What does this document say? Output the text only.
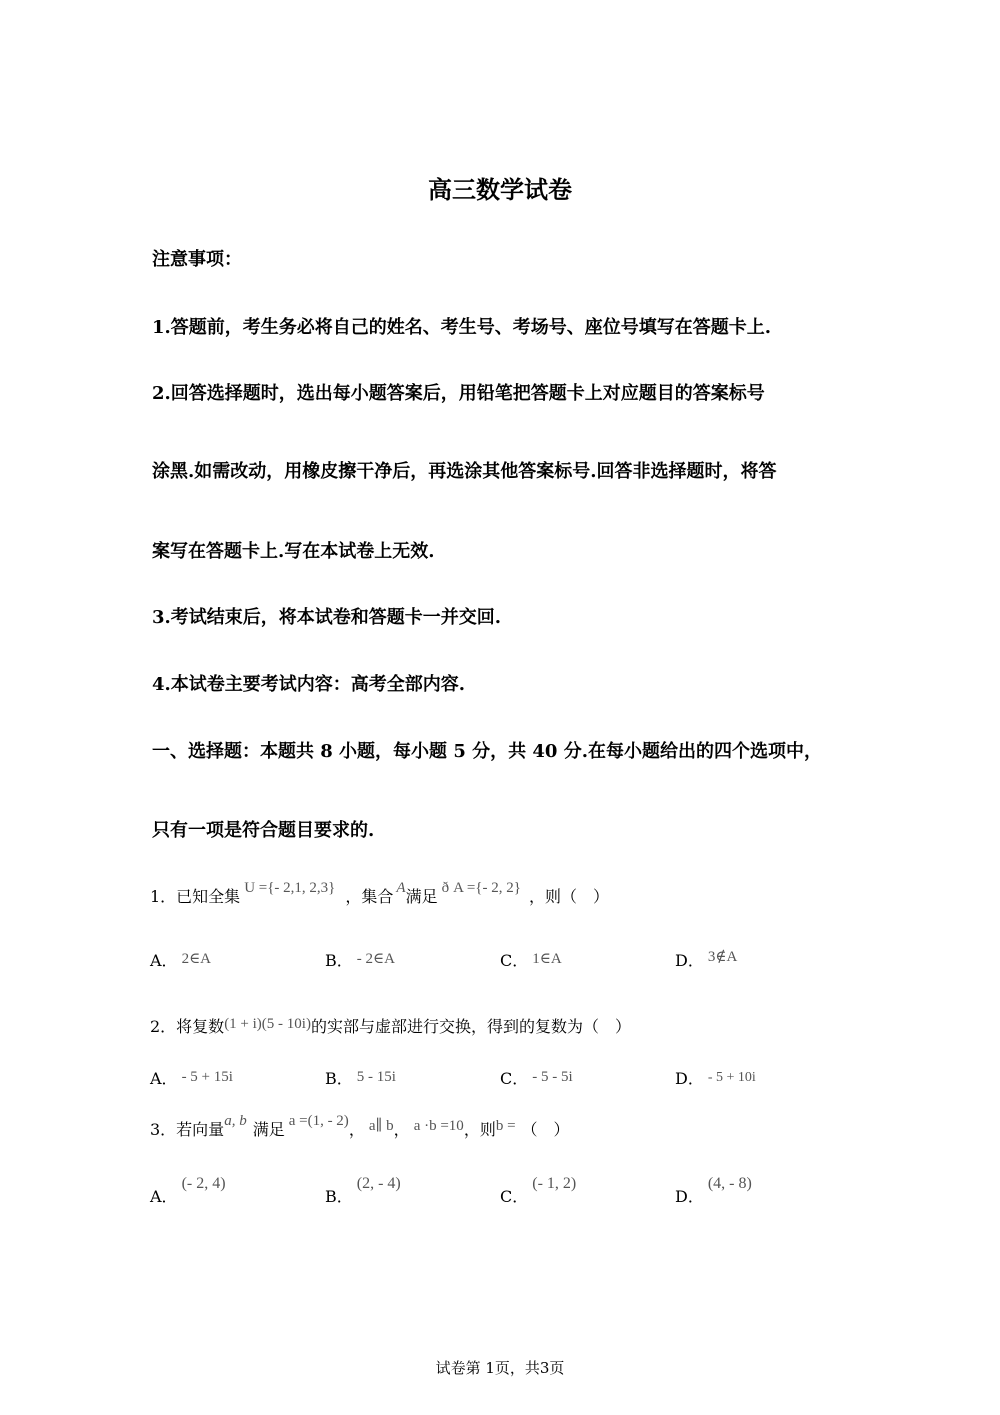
高三数学试卷
注意事项：
1.答题前，考生务必将自己的姓名、考生号、考场号、座位号填写在答题卡上.
2.回答选择题时，选出每小题答案后，用铅笔把答题卡上对应题目的答案标号
涂黑.如需改动，用橡皮擦干净后，再选涂其他答案标号.回答非选择题时，将答
案写在答题卡上.写在本试卷上无效.
3.考试结束后，将本试卷和答题卡一并交回.
4.本试卷主要考试内容：高考全部内容.
一、选择题：本题共 8 小题，每小题 5 分，共 40 分.在每小题给出的四个选项中，
只有一项是符合题目要求的.
1．已知全集 U ={- 2,1, 2,3} ，集合 A满足 ð A ={- 2, 2} ，则（　）
A． 2∈A	B． - 2∈A	C． 1∈A	D． 3∉A
2．将复数(1 + i)(5 - 10i)的实部与虚部进行交换，得到的复数为（　）
A． - 5 + 15i	B． 5 - 15i	C． - 5 - 5i	D． - 5 + 10i
3．若向量a, b 满足 a =(1, - 2)， a∥ b， a ·b =10，则b = （　）
A．(- 2, 4)
B．(2, - 4)
C．(- 1, 2)
D．(4, - 8)
试卷第 1页，共3页
